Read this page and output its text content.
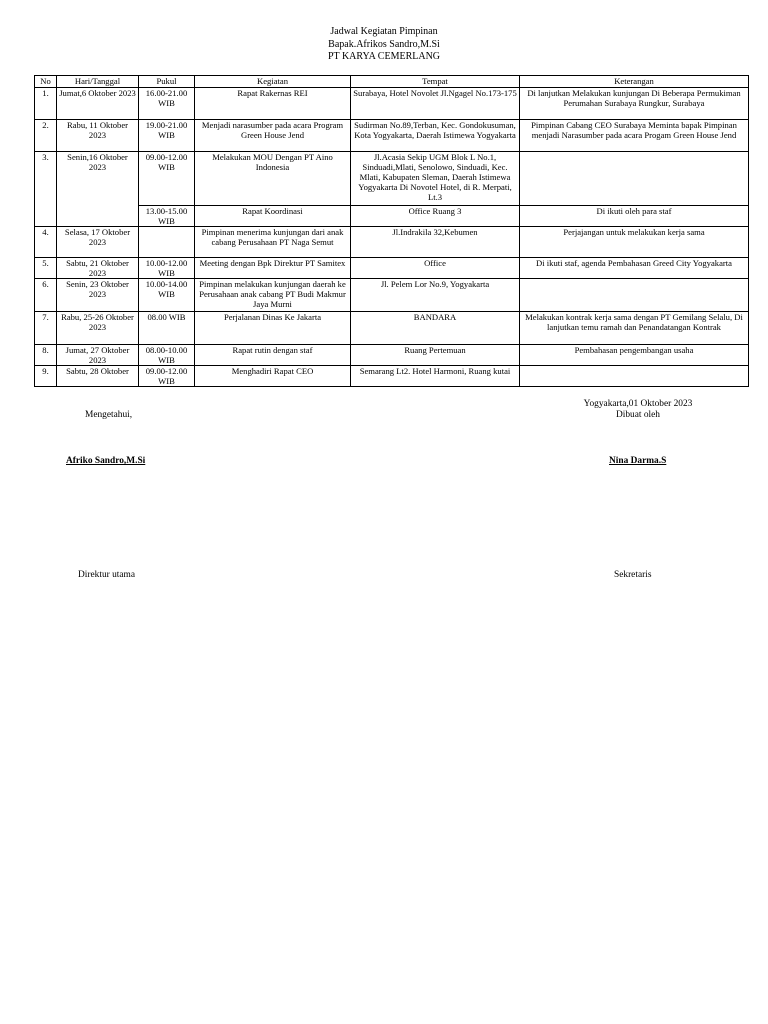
Jadwal Kegiatan Pimpinan
Bapak.Afrikos Sandro,M.Si
PT KARYA CEMERLANG
No	Hari/Tanggal	Pukul	Kegiatan	Tempat	Keterangan
1.	Jumat,6 Oktober 2023	16.00-21.00 WIB	Rapat Rakernas REI	Surabaya, Hotel Novolet Jl.Ngagel No.173-175	Di lanjutkan Melakukan kunjungan Di Beberapa Permukiman Perumahan Surabaya Rungkur, Surabaya
2.	Rabu, 11 Oktober 2023	19.00-21.00 WIB	Menjadi narasumber pada acara Program Green House Jend	Sudirman No.89,Terban, Kec. Gondokusuman, Kota Yogyakarta, Daerah Istimewa Yogyakarta	Pimpinan Cabang CEO Surabaya Meminta bapak Pimpinan menjadi Narasumber pada acara Progam Green House Jend
3.	Senin,16 Oktober 2023	09.00-12.00 WIB	Melakukan MOU Dengan PT Aino Indonesia	Jl.Acasia Sekip UGM Blok L No.1, Sinduadi,Mlati, Senolowo, Sinduadi, Kec. Mlati, Kabupaten Sleman, Daerah Istimewa Yogyakarta Di Novotel Hotel, di R. Merpati, Lt.3	
		13.00-15.00 WIB	Rapat Koordinasi	Office Ruang 3	Di ikuti oleh para staf
4.	Selasa, 17 Oktober 2023		Pimpinan menerima kunjungan dari anak cabang Perusahaan PT Naga Semut	Jl.Indrakila 32,Kebumen	Perjajangan untuk melakukan kerja sama
5.	Sabtu, 21 Oktober 2023	10.00-12.00 WIB	Meeting dengan Bpk Direktur PT Samitex	Office	Di ikuti staf, agenda Pembahasan Greed City Yogyakarta
6.	Senin, 23 Oktober 2023	10.00-14.00 WIB	Pimpinan melakukan kunjungan daerah ke Perusahaan anak cabang PT Budi Makmur Jaya Murni	Jl. Pelem Lor No.9, Yogyakarta	
7.	Rabu, 25-26 Oktober 2023	08.00 WIB	Perjalanan Dinas Ke Jakarta	BANDARA	Melakukan kontrak kerja sama dengan PT Gemilang Selalu, Di lanjutkan temu ramah dan Penandatangan Kontrak
8.	Jumat, 27 Oktober 2023	08.00-10.00 WIB	Rapat rutin dengan staf	Ruang Pertemuan	Pembahasan pengembangan usaha
9.	Sabtu, 28 Oktober	09.00-12.00 WIB	Menghadiri Rapat CEO	Semarang Lt2. Hotel Harmoni, Ruang kutai	
Mengetahui,
Afriko Sandro,M.Si
Direktur utama
Yogyakarta,01 Oktober 2023
Dibuat oleh
Nina Darma.S
Sekretaris
